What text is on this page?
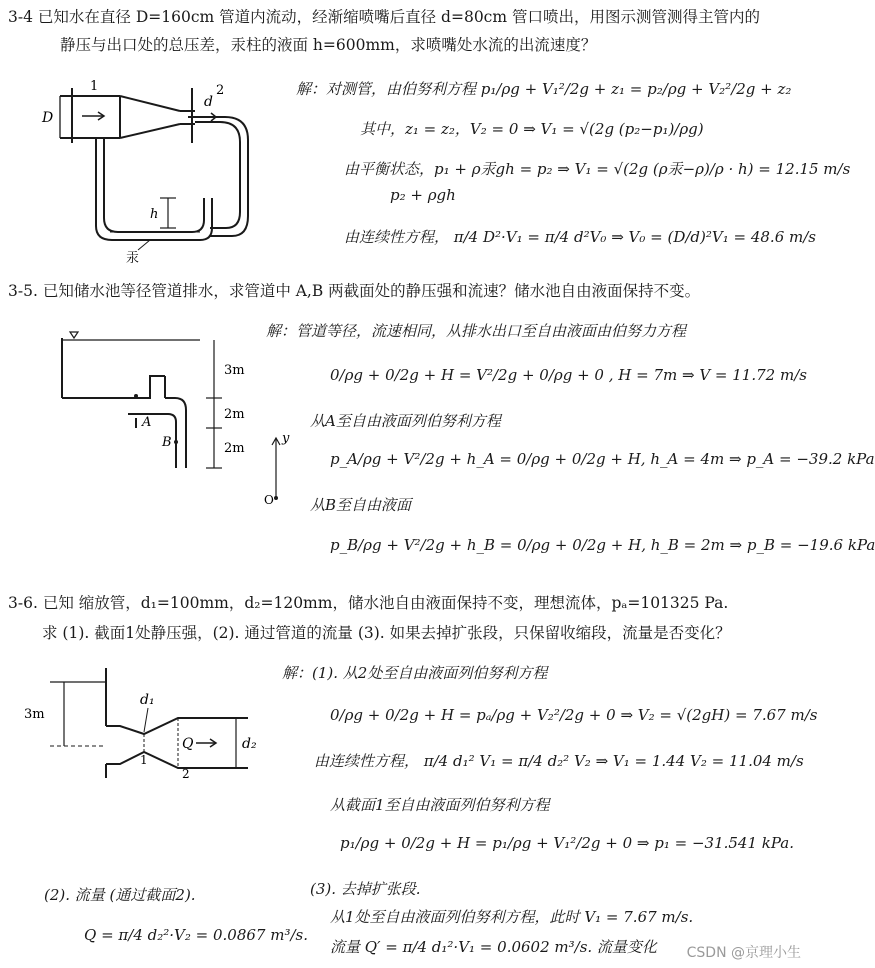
3-4 已知水在直径 D=160cm 管道内流动，经渐缩喷嘴后直径 d=80cm 管口喷出，用图示测管测得主管内的
静压与出口处的总压差，汞柱的液面 h=600mm，求喷嘴处水流的出流速度？
1	2
D
d
h
汞
解：对测管，由伯努利方程 p₁/ρg + V₁²/2g + z₁ = p₂/ρg + V₂²/2g + z₂
其中，z₁ = z₂，V₂ = 0 ⇒ V₁ = √(2g (p₂−p₁)/ρg)
由平衡状态，p₁ + ρ汞gh = p₂ ⇒ V₁ = √(2g (ρ汞−ρ)/ρ · h) = 12.15 m/s
p₂ + ρgh
由连续性方程， π/4 D²·V₁ = π/4 d²V₀ ⇒ V₀ = (D/d)²V₁ = 48.6 m/s
3-5. 已知储水池等径管道排水，求管道中 A,B 两截面处的静压强和流速？储水池自由液面保持不变。
3m
2m
2m
A
B	y
O
解：管道等径，流速相同，从排水出口至自由液面由伯努力方程
0/ρg + 0/2g + H = V²/2g + 0/ρg + 0 , H = 7m ⇒ V = 11.72 m/s
从A至自由液面列伯努利方程
p_A/ρg + V²/2g + h_A = 0/ρg + 0/2g + H, h_A = 4m ⇒ p_A = −39.2 kPa
从B至自由液面
p_B/ρg + V²/2g + h_B = 0/ρg + 0/2g + H, h_B = 2m ⇒ p_B = −19.6 kPa
3-6. 已知 缩放管，d₁=100mm，d₂=120mm，储水池自由液面保持不变，理想流体，pₐ=101325 Pa.
求 (1). 截面1处静压强，(2). 通过管道的流量 (3). 如果去掉扩张段，只保留收缩段，流量是否变化？
3m
d₁
d₂
Q
1
2
解：(1). 从2处至自由液面列伯努利方程
0/ρg + 0/2g + H = pₐ/ρg + V₂²/2g + 0 ⇒ V₂ = √(2gH) = 7.67 m/s
由连续性方程， π/4 d₁² V₁ = π/4 d₂² V₂ ⇒ V₁ = 1.44 V₂ = 11.04 m/s
从截面1至自由液面列伯努利方程
p₁/ρg + 0/2g + H = p₁/ρg + V₁²/2g + 0 ⇒ p₁ = −31.541 kPa.
(2). 流量 (通过截面2).
Q = π/4 d₂²·V₂ = 0.0867 m³/s.
(3). 去掉扩张段.
从1处至自由液面列伯努利方程，此时 V₁ = 7.67 m/s.
流量 Q′ = π/4 d₁²·V₁ = 0.0602 m³/s. 流量变化 CSDN @京理小生
